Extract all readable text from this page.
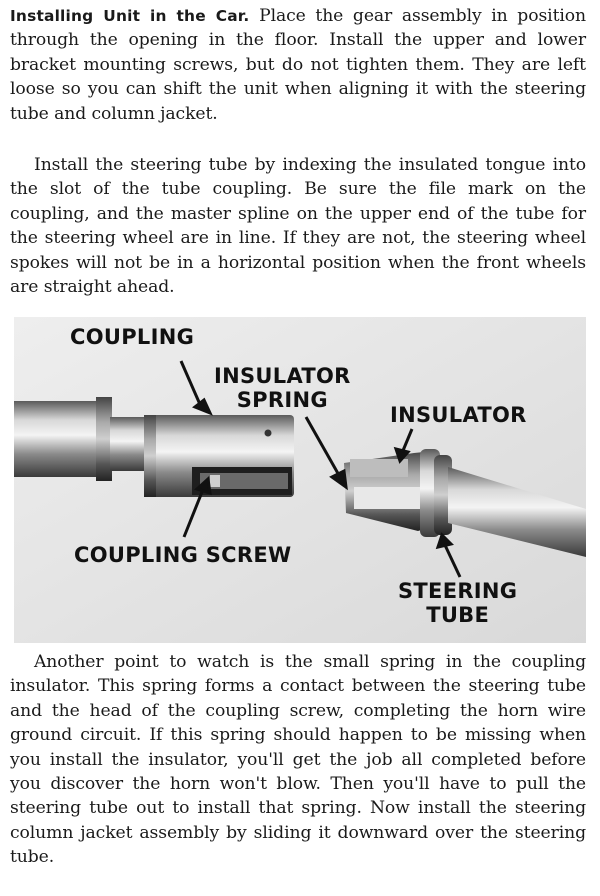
Installing Unit in the Car. Place the gear assembly in position through the opening in the floor. Install the upper and lower bracket mounting screws, but do not tighten them. They are left loose so you can shift the unit when aligning it with the steering tube and column jacket.

Install the steering tube by indexing the insulated tongue into the slot of the tube coupling. Be sure the file mark on the coupling, and the master spline on the upper end of the tube for the steering wheel are in line. If they are not, the steering wheel spokes will not be in a horizontal position when the front wheels are straight ahead.

COUPLING
INSULATOR
SPRING
INSULATOR
COUPLING SCREW
STEERING
TUBE

Another point to watch is the small spring in the coupling insulator. This spring forms a contact between the steering tube and the head of the coupling screw, completing the horn wire ground circuit. If this spring should happen to be missing when you install the insulator, you'll get the job all completed before you discover the horn won't blow. Then you'll have to pull the steering tube out to install that spring. Now install the steering column jacket assembly by sliding it downward over the steering tube.
